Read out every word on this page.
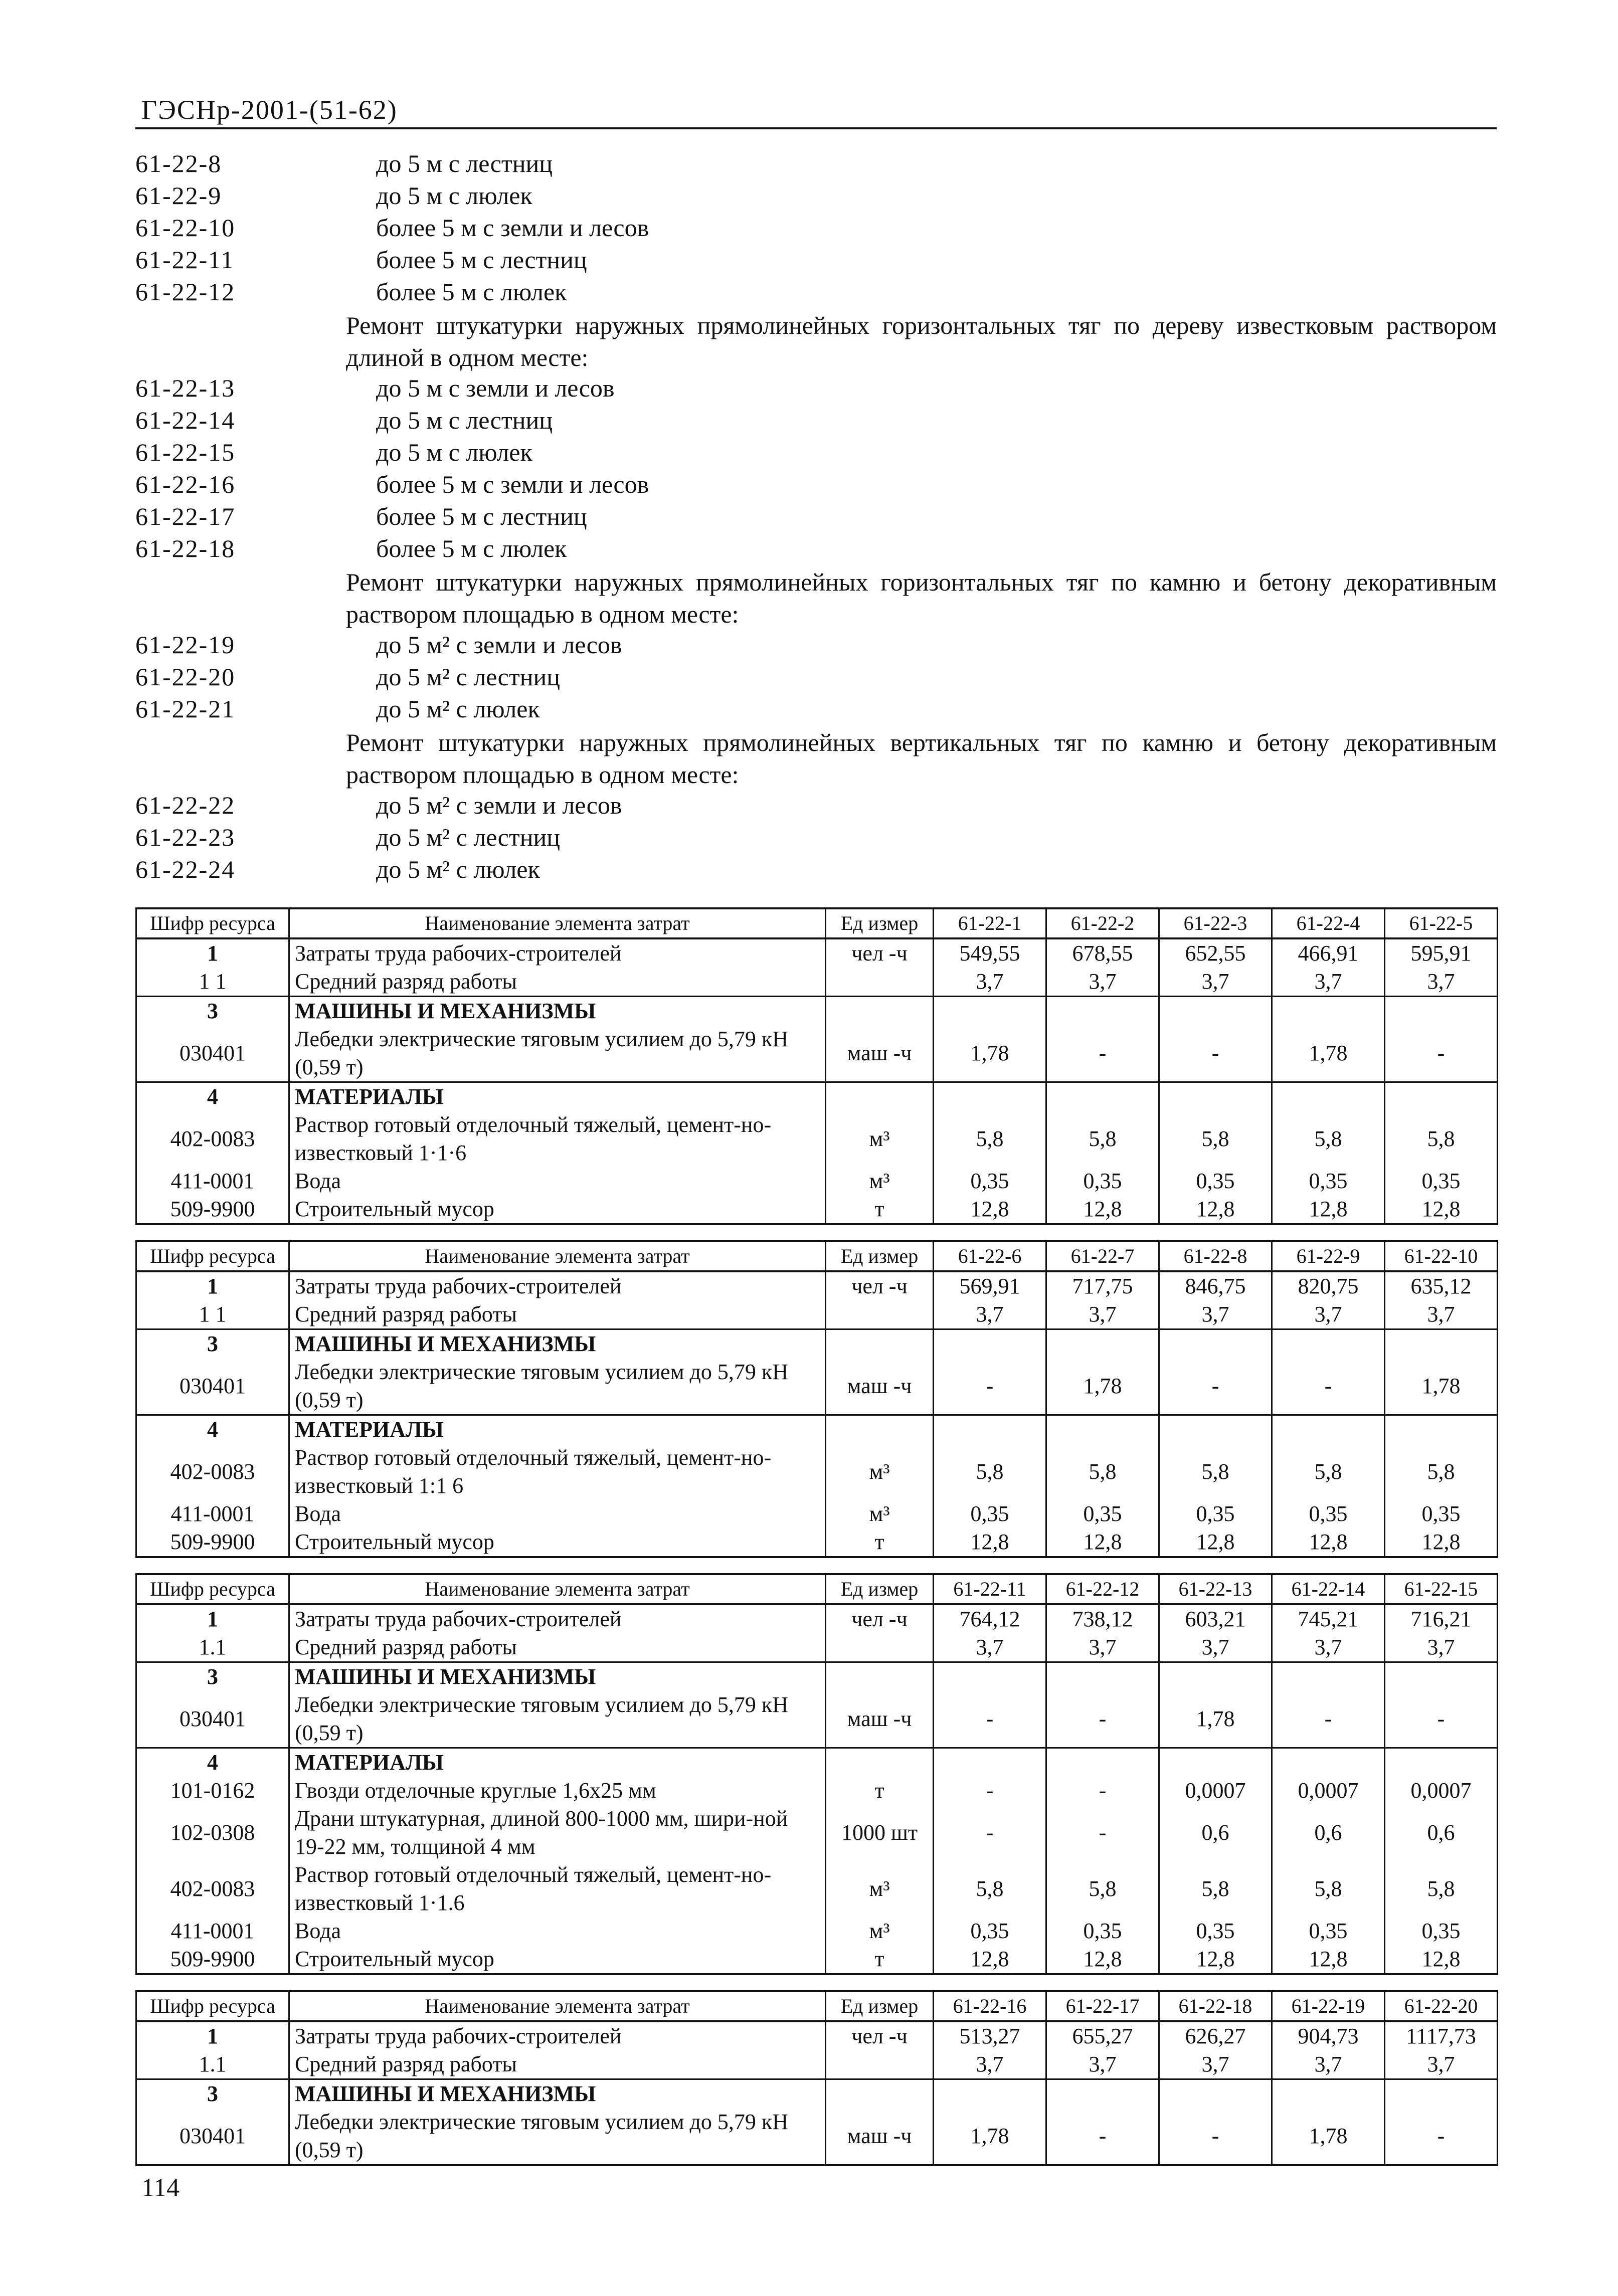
ГЭСНр-2001-(51-62)
61-22-8	до 5 м с лестниц
61-22-9	до 5 м с люлек
61-22-10	более 5 м с земли и лесов
61-22-11	более 5 м с лестниц
61-22-12	более 5 м с люлек
Ремонт штукатурки наружных прямолинейных горизонтальных тяг по дереву известковым раствором длиной в одном месте:
61-22-13	до 5 м с земли и лесов
61-22-14	до 5 м с лестниц
61-22-15	до 5 м с люлек
61-22-16	более 5 м с земли и лесов
61-22-17	более 5 м с лестниц
61-22-18	более 5 м с люлек
Ремонт штукатурки наружных прямолинейных горизонтальных тяг по камню и бетону декоративным раствором площадью в одном месте:
61-22-19	до 5 м² с земли и лесов
61-22-20	до 5 м² с лестниц
61-22-21	до 5 м² с люлек
Ремонт штукатурки наружных прямолинейных вертикальных тяг по камню и бетону декоративным раствором площадью в одном месте:
61-22-22	до 5 м² с земли и лесов
61-22-23	до 5 м² с лестниц
61-22-24	до 5 м² с люлек
Шифр ресурса	Наименование элемента затрат	Ед измер	61-22-1	61-22-2	61-22-3	61-22-4	61-22-5
1	Затраты труда рабочих-строителей	чел -ч	549,55	678,55	652,55	466,91	595,91
1 1	Средний разряд работы		3,7	3,7	3,7	3,7	3,7
3	МАШИНЫ И МЕХАНИЗМЫ						
030401	Лебедки электрические тяговым усилием до 5,79 кН (0,59 т)	маш -ч	1,78	-	-	1,78	-
4	МАТЕРИАЛЫ						
402-0083	Раствор готовый отделочный тяжелый, цемент-но-известковый 1·1·6	м³	5,8	5,8	5,8	5,8	5,8
411-0001	Вода	м³	0,35	0,35	0,35	0,35	0,35
509-9900	Строительный мусор	т	12,8	12,8	12,8	12,8	12,8
Шифр ресурса	Наименование элемента затрат	Ед измер	61-22-6	61-22-7	61-22-8	61-22-9	61-22-10
1	Затраты труда рабочих-строителей	чел -ч	569,91	717,75	846,75	820,75	635,12
1 1	Средний разряд работы		3,7	3,7	3,7	3,7	3,7
3	МАШИНЫ И МЕХАНИЗМЫ						
030401	Лебедки электрические тяговым усилием до 5,79 кН (0,59 т)	маш -ч	-	1,78	-	-	1,78
4	МАТЕРИАЛЫ						
402-0083	Раствор готовый отделочный тяжелый, цемент-но-известковый 1:1 6	м³	5,8	5,8	5,8	5,8	5,8
411-0001	Вода	м³	0,35	0,35	0,35	0,35	0,35
509-9900	Строительный мусор	т	12,8	12,8	12,8	12,8	12,8
Шифр ресурса	Наименование элемента затрат	Ед измер	61-22-11	61-22-12	61-22-13	61-22-14	61-22-15
1	Затраты труда рабочих-строителей	чел -ч	764,12	738,12	603,21	745,21	716,21
1.1	Средний разряд работы		3,7	3,7	3,7	3,7	3,7
3	МАШИНЫ И МЕХАНИЗМЫ						
030401	Лебедки электрические тяговым усилием до 5,79 кН (0,59 т)	маш -ч	-	-	1,78	-	-
4	МАТЕРИАЛЫ						
101-0162	Гвозди отделочные круглые 1,6x25 мм	т	-	-	0,0007	0,0007	0,0007
102-0308	Драни штукатурная, длиной 800-1000 мм, шири-ной 19-22 мм, толщиной 4 мм	1000 шт	-	-	0,6	0,6	0,6
402-0083	Раствор готовый отделочный тяжелый, цемент-но-известковый 1·1.6	м³	5,8	5,8	5,8	5,8	5,8
411-0001	Вода	м³	0,35	0,35	0,35	0,35	0,35
509-9900	Строительный мусор	т	12,8	12,8	12,8	12,8	12,8
Шифр ресурса	Наименование элемента затрат	Ед измер	61-22-16	61-22-17	61-22-18	61-22-19	61-22-20
1	Затраты труда рабочих-строителей	чел -ч	513,27	655,27	626,27	904,73	1117,73
1.1	Средний разряд работы		3,7	3,7	3,7	3,7	3,7
3	МАШИНЫ И МЕХАНИЗМЫ						
030401	Лебедки электрические тяговым усилием до 5,79 кН (0,59 т)	маш -ч	1,78	-	-	1,78	-
114
